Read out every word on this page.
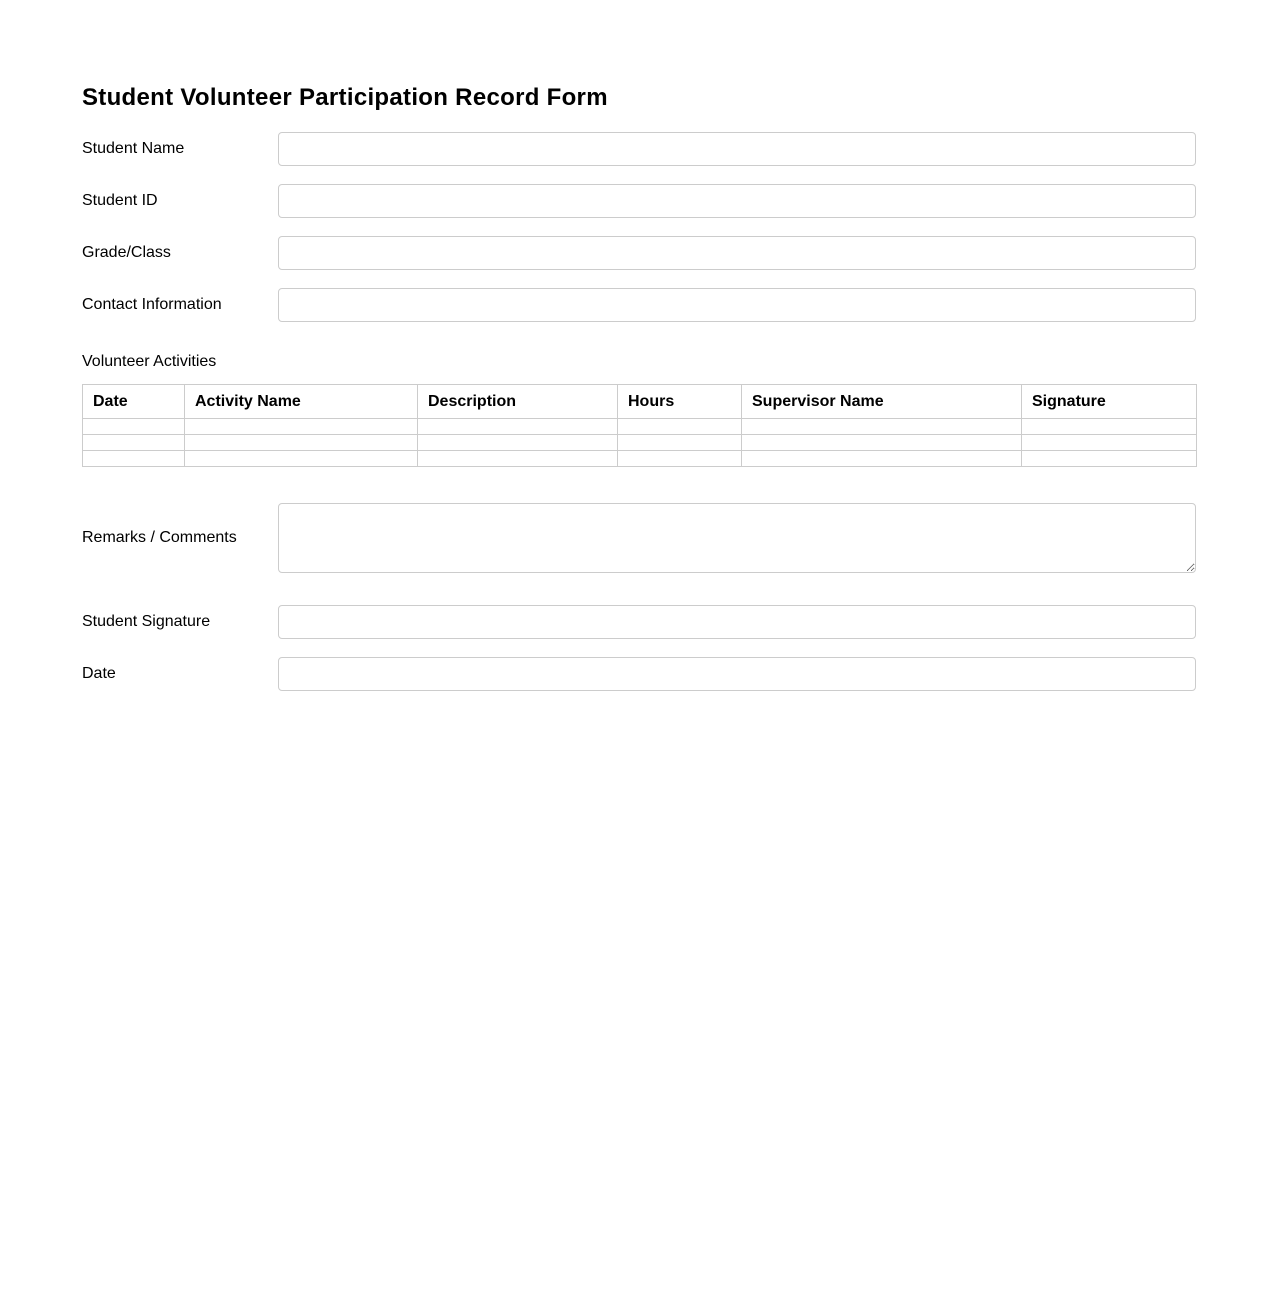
Student Volunteer Participation Record Form
Student Name
Student ID
Grade/Class
Contact Information
Volunteer Activities
Date	Activity Name	Description	Hours	Supervisor Name	Signature

Remarks / Comments
Student Signature
Date
